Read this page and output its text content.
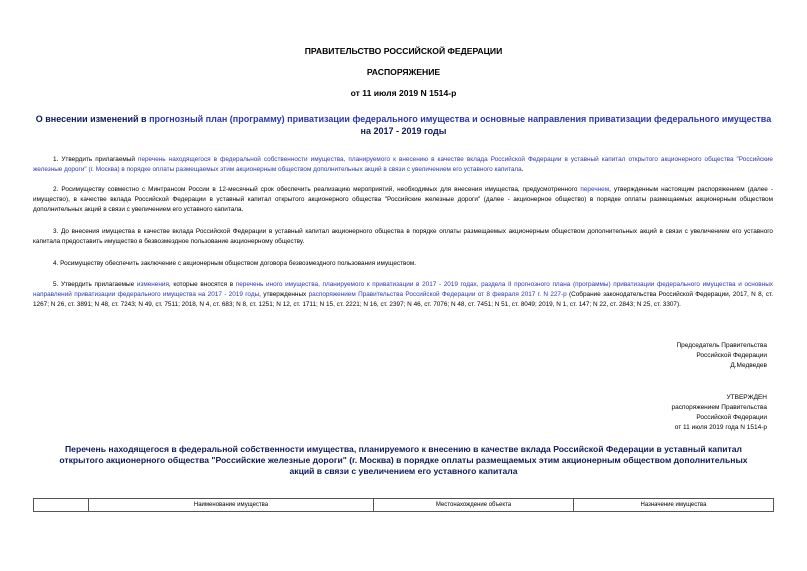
ПРАВИТЕЛЬСТВО РОССИЙСКОЙ ФЕДЕРАЦИИ
РАСПОРЯЖЕНИЕ
от 11 июля 2019 N 1514-р
О внесении изменений в прогнозный план (программу) приватизации федерального имущества и основные направления приватизации федерального имущества на 2017 - 2019 годы
1. Утвердить прилагаемый перечень находящегося в федеральной собственности имущества, планируемого к внесению в качестве вклада Российской Федерации в уставный капитал открытого акционерного общества "Российские железные дороги" (г. Москва) в порядке оплаты размещаемых этим акционерным обществом дополнительных акций в связи с увеличением его уставного капитала.
2. Росимуществу совместно с Минтрансом России в 12-месячный срок обеспечить реализацию мероприятий, необходимых для внесения имущества, предусмотренного перечнем, утвержденным настоящим распоряжением (далее - имущество), в качестве вклада Российской Федерации в уставный капитал открытого акционерного общества "Российские железные дороги" (далее - акционерное общество) в порядке оплаты размещаемых акционерным обществом дополнительных акций в связи с увеличением его уставного капитала.
3. До внесения имущества в качестве вклада Российской Федерации в уставный капитал акционерного общества в порядке оплаты размещаемых акционерным обществом дополнительных акций в связи с увеличением его уставного капитала предоставить имущество в безвозмездное пользование акционерному обществу.
4. Росимуществу обеспечить заключение с акционерным обществом договора безвозмездного пользования имуществом.
5. Утвердить прилагаемые изменения, которые вносятся в перечень иного имущества, планируемого к приватизации в 2017 - 2019 годах, раздела II прогнозного плана (программы) приватизации федерального имущества и основных направлений приватизации федерального имущества на 2017 - 2019 годы, утвержденных распоряжением Правительства Российской Федерации от 8 февраля 2017 г. N 227-р (Собрание законодательства Российской Федерации, 2017, N 8, ст. 1267; N 26, ст. 3891; N 48, ст. 7243; N 49, ст. 7511; 2018, N 4, ст. 683; N 8, ст. 1251; N 12, ст. 1711; N 15, ст. 2221; N 16, ст. 2397; N 46, ст. 7076; N 48, ст. 7451; N 51, ст. 8049; 2019, N 1, ст. 147; N 22, ст. 2843; N 25, ст. 3307).
Председатель Правительства
Российской Федерации
Д.Медведев
УТВЕРЖДЕН
распоряжением Правительства
Российской Федерации
от 11 июля 2019 года N 1514-р
Перечень находящегося в федеральной собственности имущества, планируемого к внесению в качестве вклада Российской Федерации в уставный капитал открытого акционерного общества "Российские железные дороги" (г. Москва) в порядке оплаты размещаемых этим акционерным обществом дополнительных акций в связи с увеличением его уставного капитала
	Наименование имущества	Местонахождение объекта	Назначение имущества
